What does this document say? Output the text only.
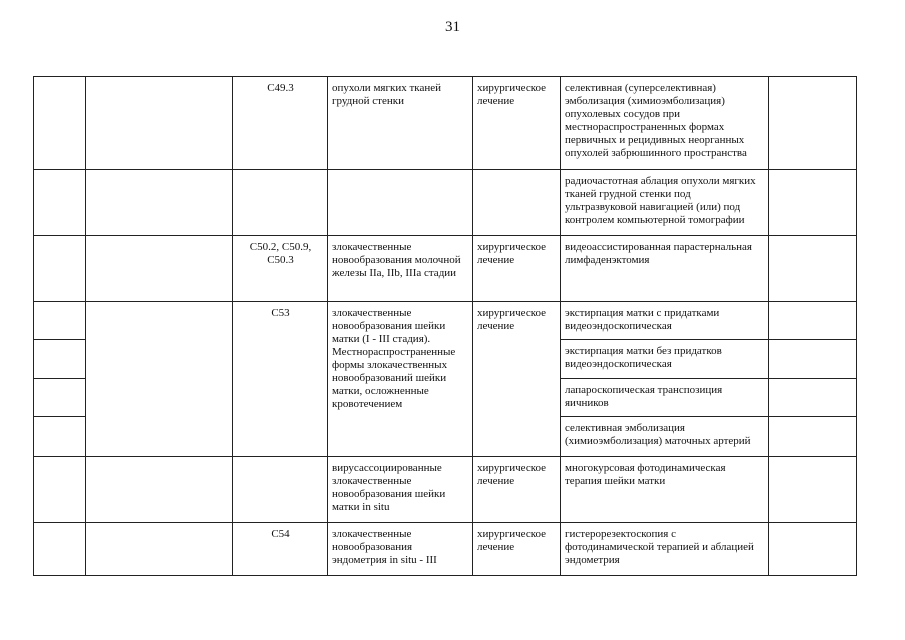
31
		C49.3	опухоли мягких тканей грудной стенки	хирургическое лечение	селективная (суперселективная) эмболизация (химиоэмболизация) опухолевых сосудов при местнораспространенных формах первичных и рецидивных неорганных опухолей забрюшинного пространства	
					радиочастотная аблация опухоли мягких тканей грудной стенки под ультразвуковой навигацией (или) под контролем компьютерной томографии	
		C50.2, C50.9, C50.3	злокачественные новообразования молочной железы IIa, IIb, IIIa стадии	хирургическое лечение	видеоассистированная парастернальная лимфаденэктомия	
		C53	злокачественные новообразования шейки матки (I - III стадия). Местнораспространенные формы злокачественных новообразований шейки матки, осложненные кровотечением	хирургическое лечение	экстирпация матки с придатками видеоэндоскопическая	
					экстирпация матки без придатков видеоэндоскопическая	
					лапароскопическая транспозиция яичников	
					селективная эмболизация (химиоэмболизация) маточных артерий	
			вирусассоциированные злокачественные новообразования шейки матки in situ	хирургическое лечение	многокурсовая фотодинамическая терапия шейки матки	
		C54	злокачественные новообразования эндометрия in situ - III	хирургическое лечение	гистерорезектоскопия с фотодинамической терапией и аблацией эндометрия	
